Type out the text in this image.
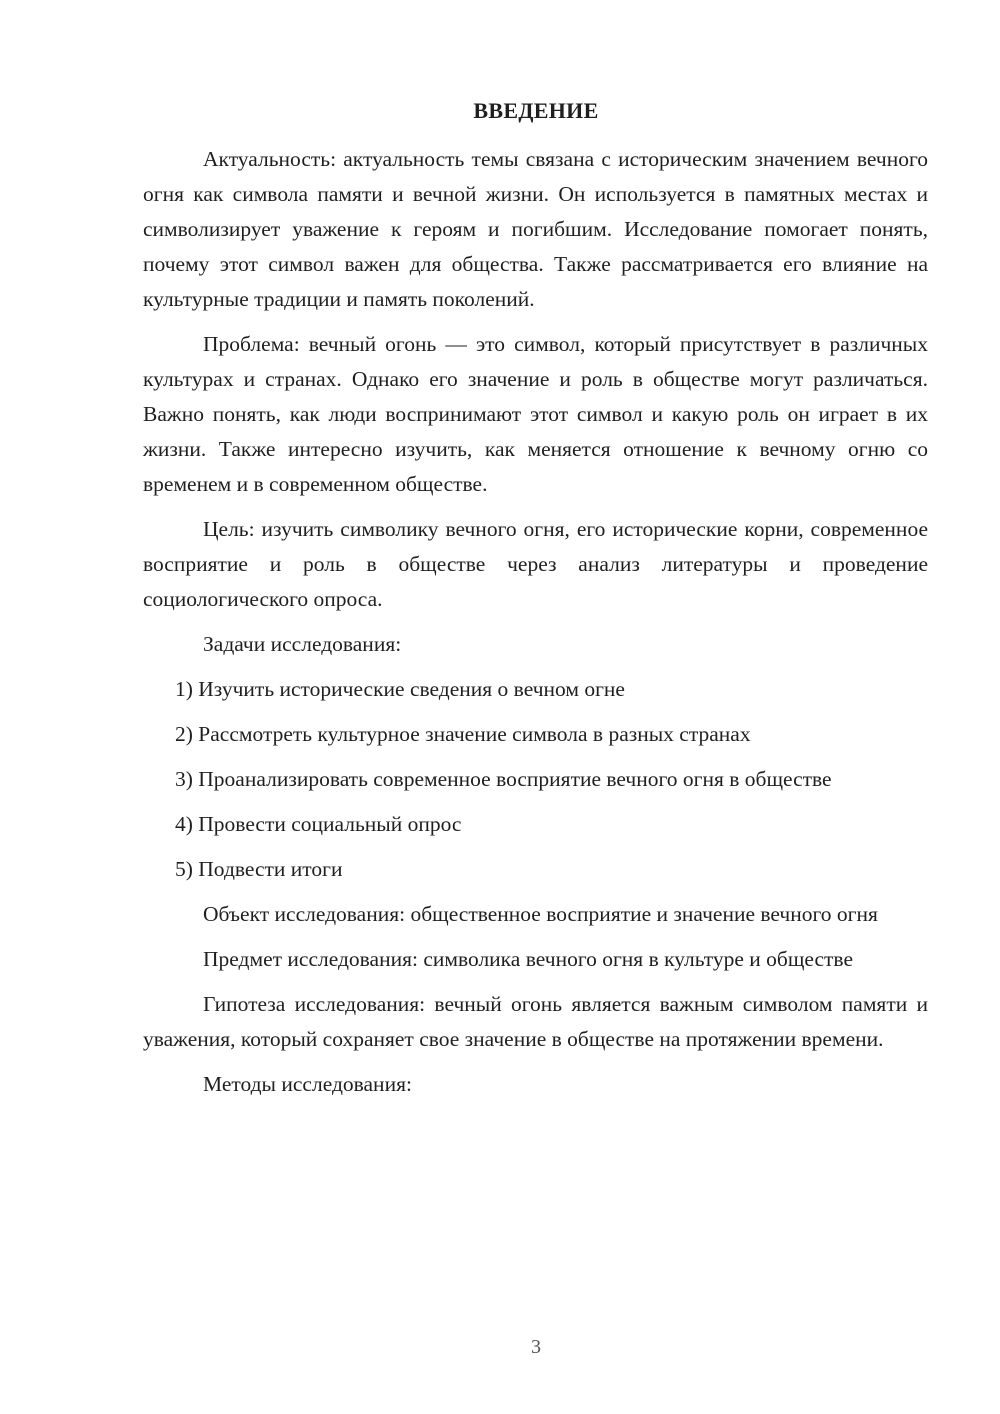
ВВЕДЕНИЕ

Актуальность: актуальность темы связана с историческим значением вечного огня как символа памяти и вечной жизни. Он используется в памятных местах и символизирует уважение к героям и погибшим. Исследование помогает понять, почему этот символ важен для общества. Также рассматривается его влияние на культурные традиции и память поколений.

Проблема: вечный огонь — это символ, который присутствует в различных культурах и странах. Однако его значение и роль в обществе могут различаться. Важно понять, как люди воспринимают этот символ и какую роль он играет в их жизни. Также интересно изучить, как меняется отношение к вечному огню со временем и в современном обществе.

Цель: изучить символику вечного огня, его исторические корни, современное восприятие и роль в обществе через анализ литературы и проведение социологического опроса.

Задачи исследования:

1) Изучить исторические сведения о вечном огне

2) Рассмотреть культурное значение символа в разных странах

3) Проанализировать современное восприятие вечного огня в обществе

4) Провести социальный опрос

5) Подвести итоги

Объект исследования: общественное восприятие и значение вечного огня

Предмет исследования: символика вечного огня в культуре и обществе

Гипотеза исследования: вечный огонь является важным символом памяти и уважения, который сохраняет свое значение в обществе на протяжении времени.

Методы исследования:

3
